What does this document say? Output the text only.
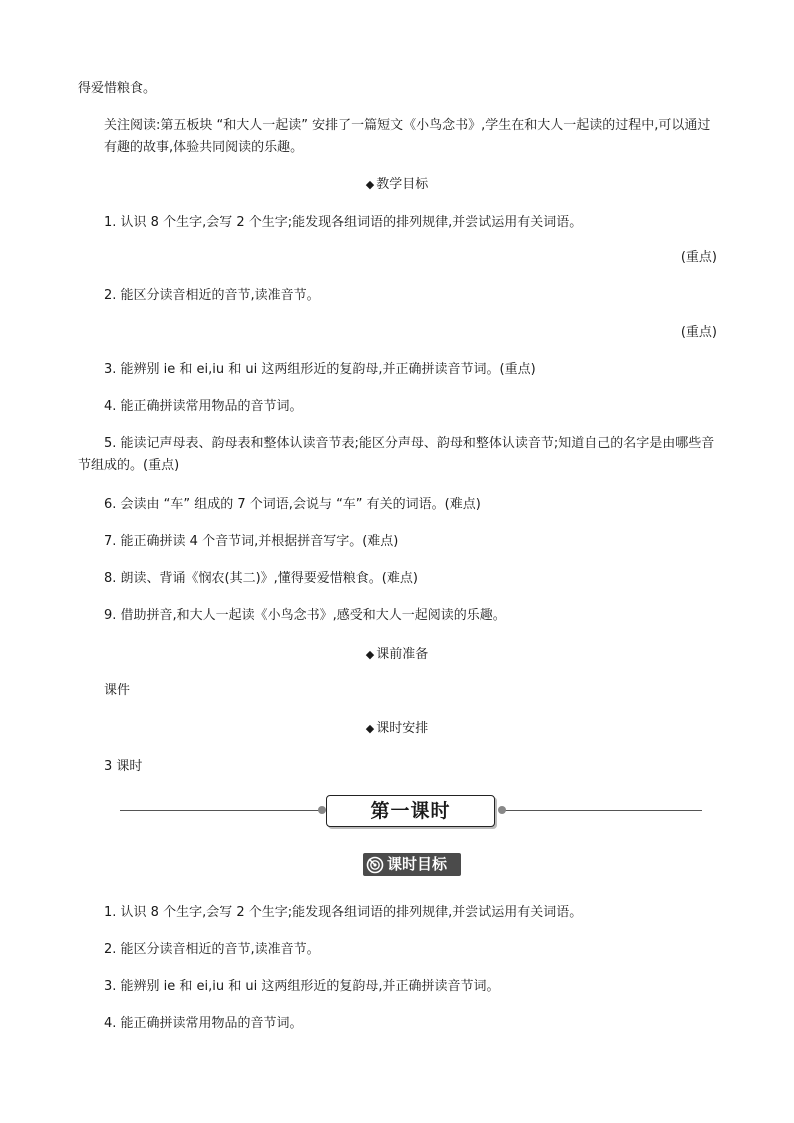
得爱惜粮食。

关注阅读:第五板块 “和大人一起读” 安排了一篇短文《小鸟念书》,学生在和大人一起读的过程中,可以通过有趣的故事,体验共同阅读的乐趣。

◆ 教学目标

1. 认识 8 个生字,会写 2 个生字;能发现各组词语的排列规律,并尝试运用有关词语。

(重点)

2. 能区分读音相近的音节,读准音节。

(重点)

3. 能辨别 ie 和 ei,iu 和 ui 这两组形近的复韵母,并正确拼读音节词。(重点)

4. 能正确拼读常用物品的音节词。

5. 能读记声母表、韵母表和整体认读音节表;能区分声母、韵母和整体认读音节;知道自己的名字是由哪些音节组成的。(重点)

6. 会读由 “车” 组成的 7 个词语,会说与 “车” 有关的词语。(难点)

7. 能正确拼读 4 个音节词,并根据拼音写字。(难点)

8. 朗读、背诵《悯农(其二)》,懂得要爱惜粮食。(难点)

9. 借助拼音,和大人一起读《小鸟念书》,感受和大人一起阅读的乐趣。

◆ 课前准备

课件

◆ 课时安排

3 课时

第一课时
课时目标

1. 认识 8 个生字,会写 2 个生字;能发现各组词语的排列规律,并尝试运用有关词语。

2. 能区分读音相近的音节,读准音节。

3. 能辨别 ie 和 ei,iu 和 ui 这两组形近的复韵母,并正确拼读音节词。

4. 能正确拼读常用物品的音节词。
